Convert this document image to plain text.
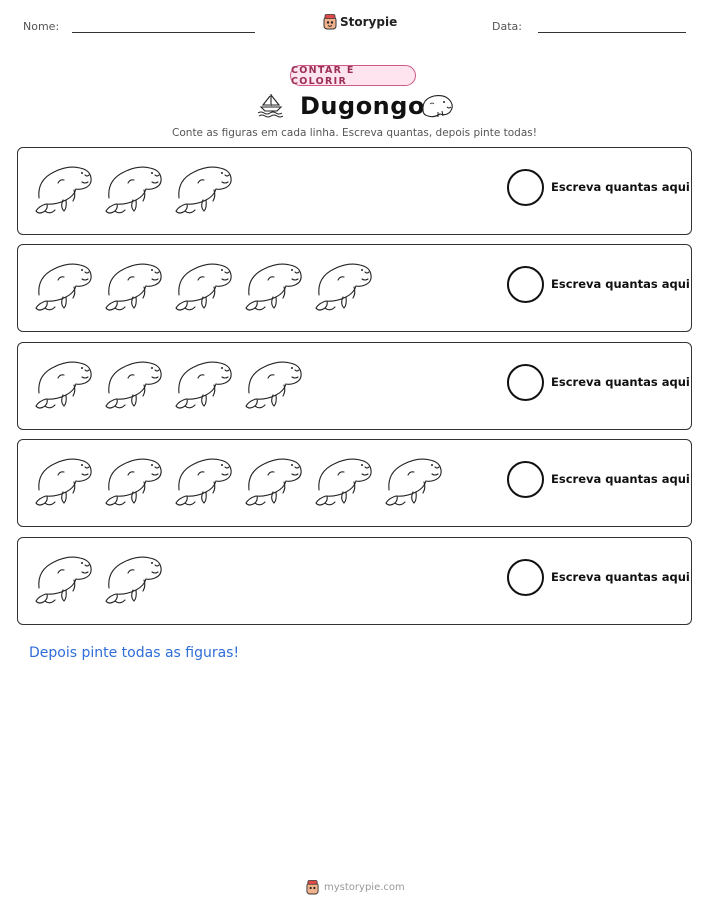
Nome:	Storypie	Data:
CONTAR E COLORIR
Dugongo
Conte as figuras em cada linha. Escreva quantas, depois pinte todas!
Escreva quantas aqui
Escreva quantas aqui
Escreva quantas aqui
Escreva quantas aqui
Escreva quantas aqui
Depois pinte todas as figuras!
mystorypie.com
